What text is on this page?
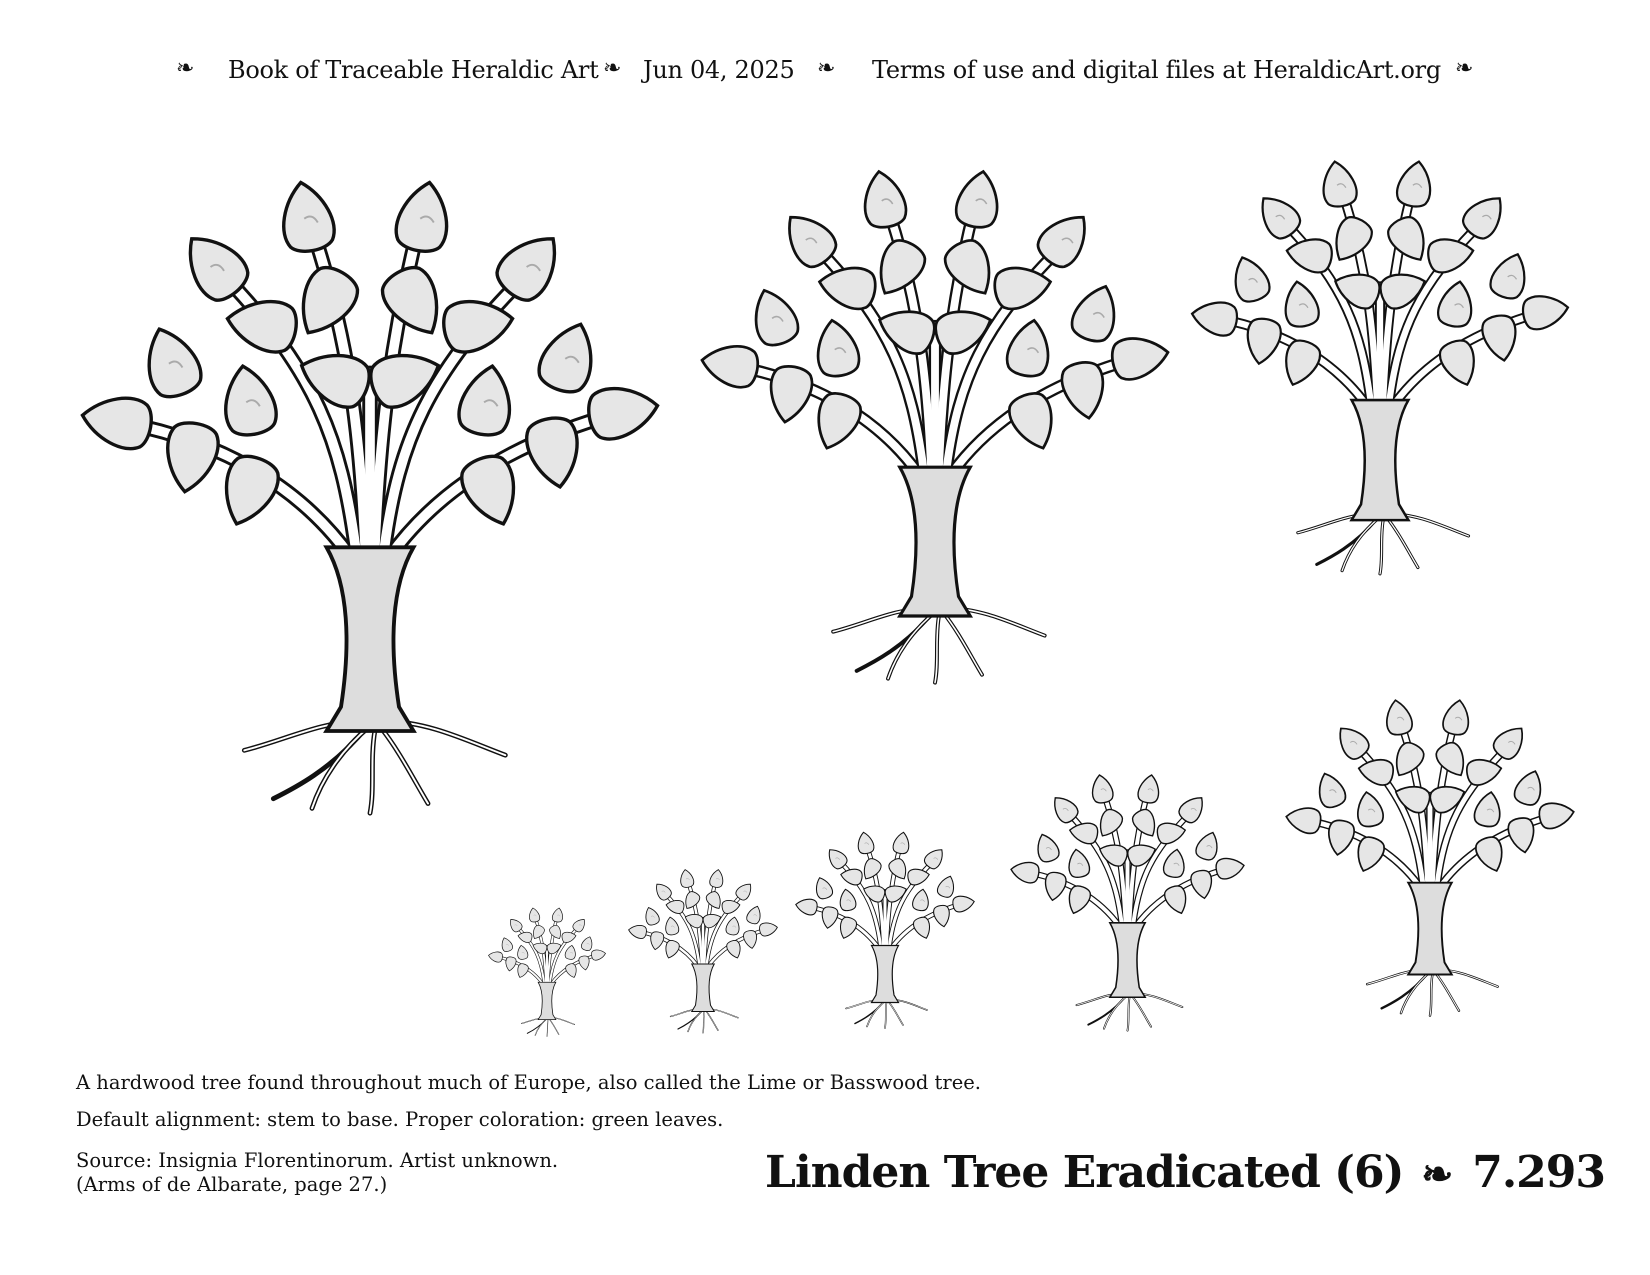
❧ Book of Traceable Heraldic Art ❧ Jun 04, 2025 ❧ Terms of use and digital files at HeraldicArt.org ❧
A hardwood tree found throughout much of Europe, also called the Lime or Basswood tree.
Default alignment: stem to base. Proper coloration: green leaves.
Source: Insignia Florentinorum. Artist unknown.
(Arms of de Albarate, page 27.)	Linden Tree Eradicated (6) ❧ 7.293
